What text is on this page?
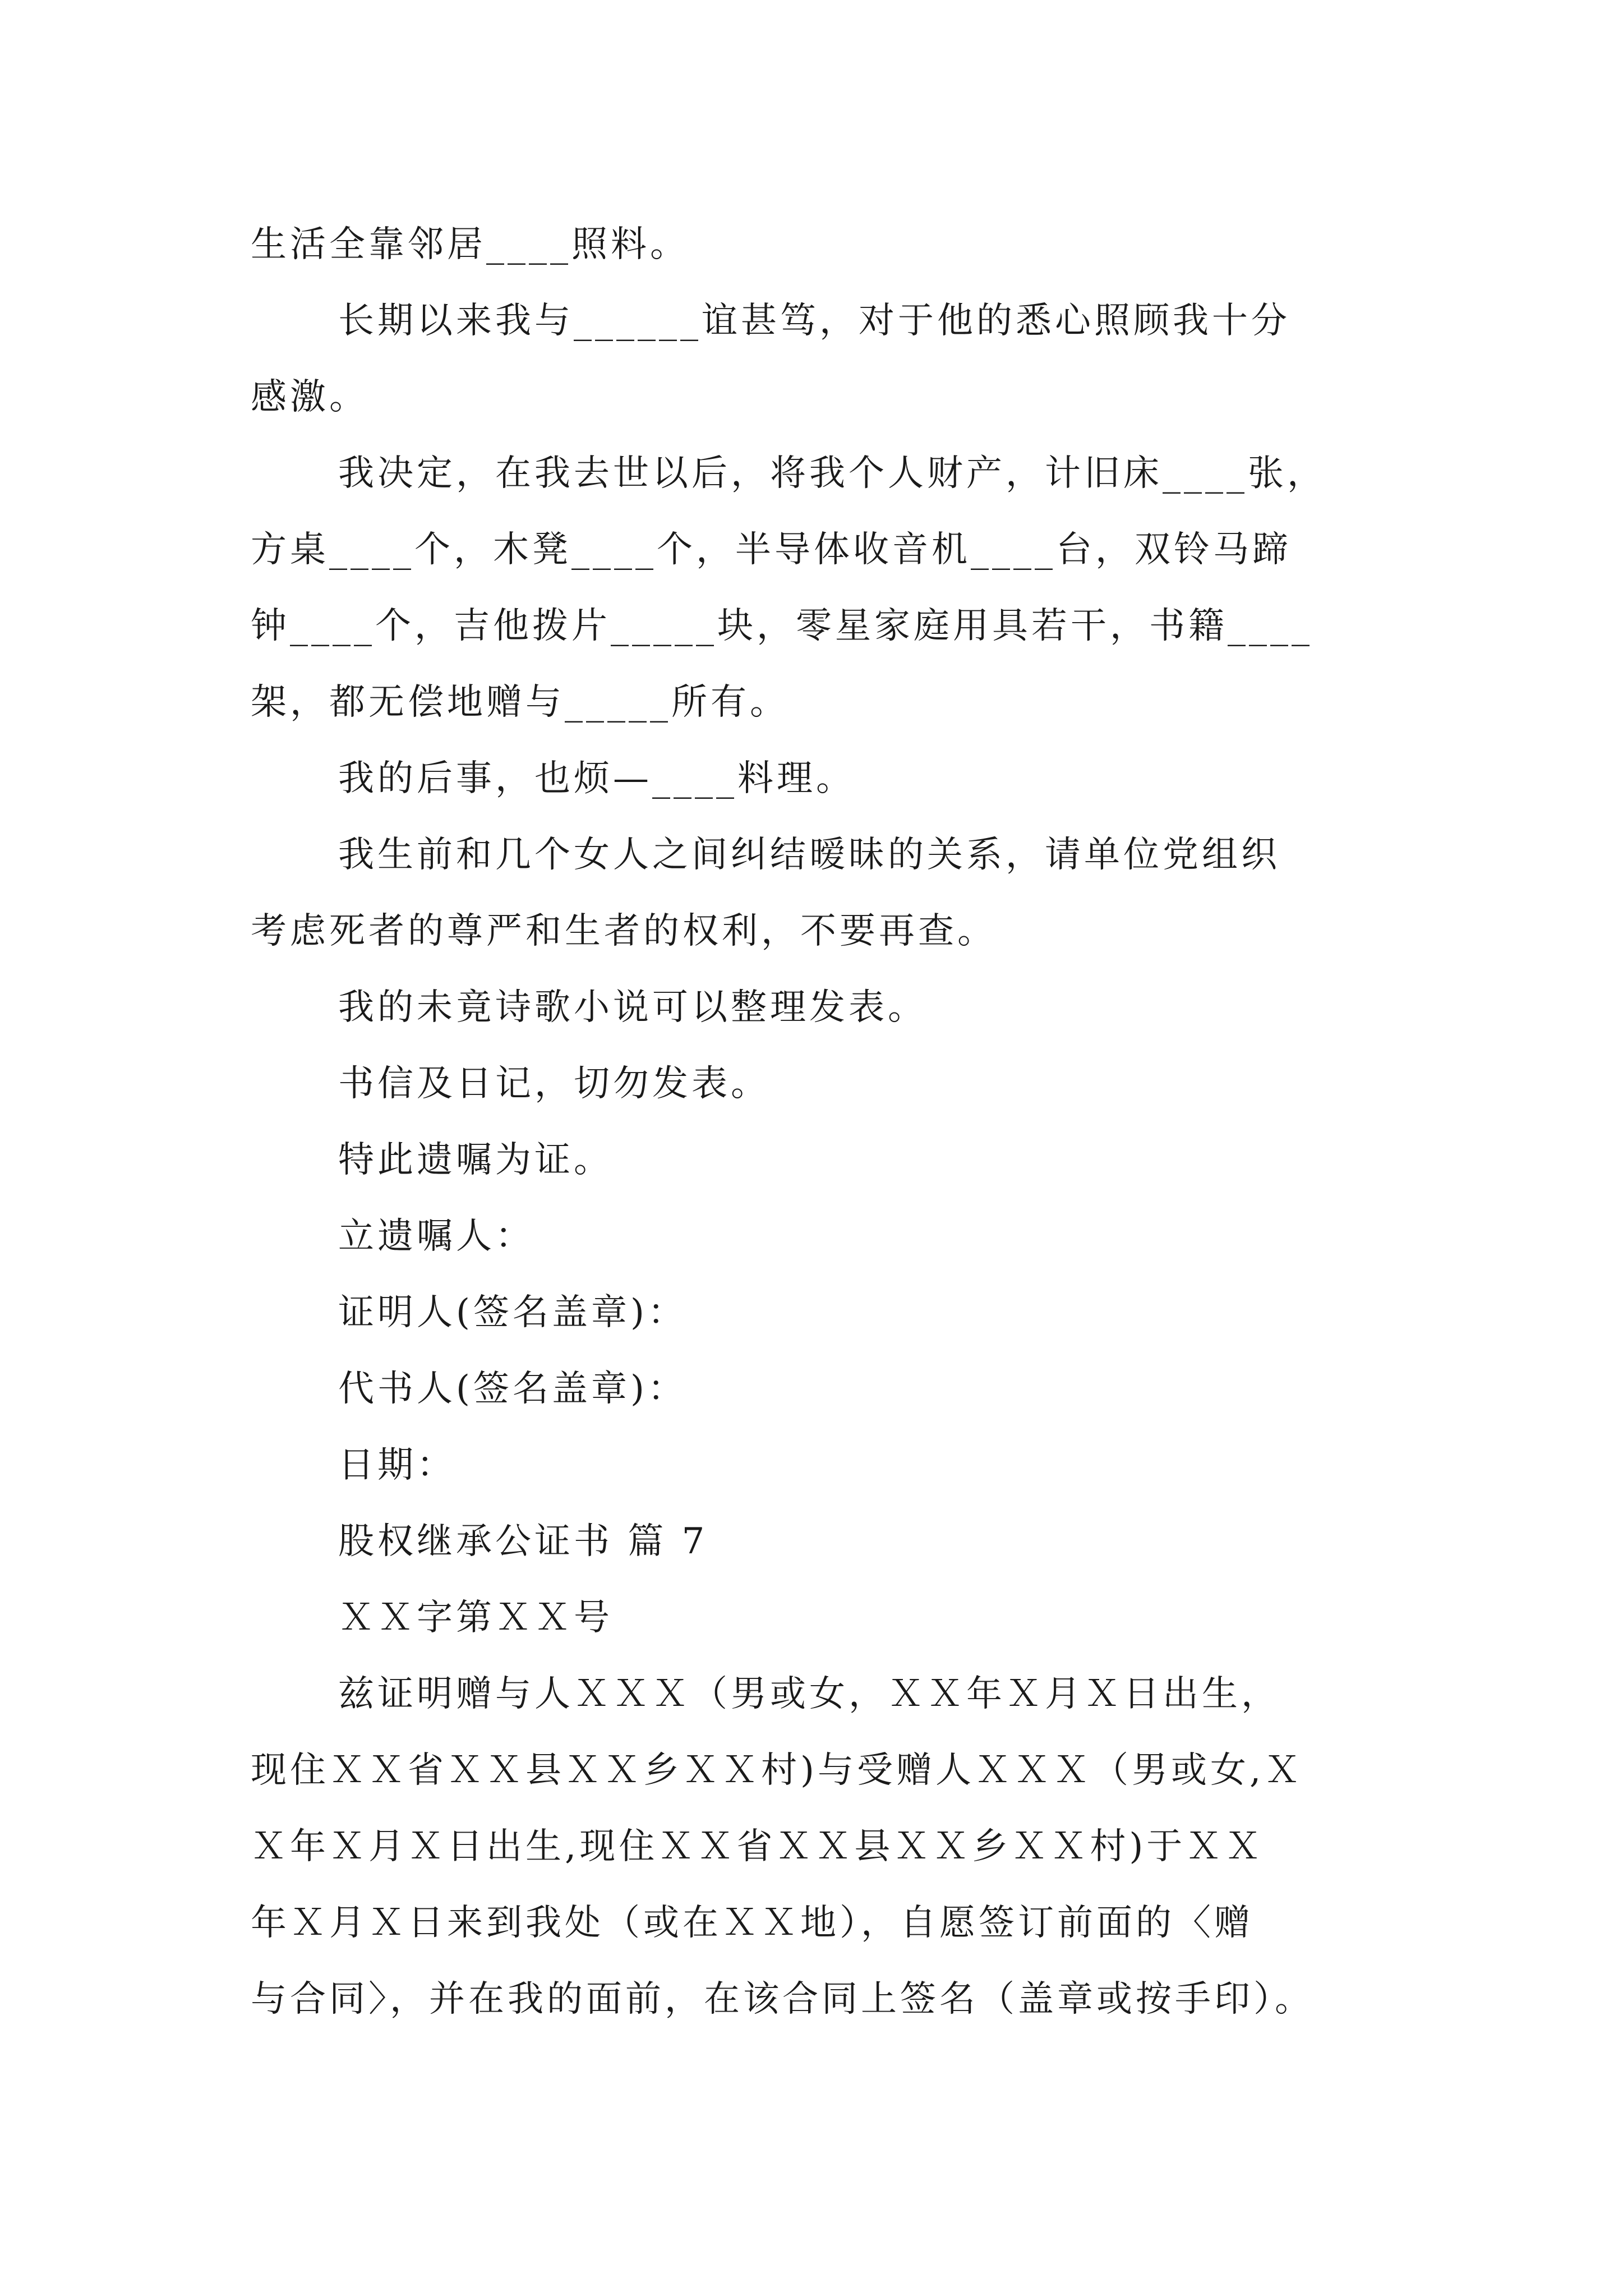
生活全靠邻居____照料。
长期以来我与______谊甚笃，对于他的悉心照顾我十分
感激。
我决定，在我去世以后，将我个人财产，计旧床____张，
方桌____个，木凳____个，半导体收音机____台，双铃马蹄
钟____个，吉他拨片_____块，零星家庭用具若干，书籍____
架，都无偿地赠与_____所有。
我的后事，也烦—____料理。
我生前和几个女人之间纠结暧昧的关系，请单位党组织
考虑死者的尊严和生者的权利，不要再查。
我的未竟诗歌小说可以整理发表。
书信及日记，切勿发表。
特此遗嘱为证。
立遗嘱人：
证明人(签名盖章)：
代书人(签名盖章)：
日期：
股权继承公证书 篇 7
ＸＸ字第ＸＸ号
兹证明赠与人ＸＸＸ（男或女，ＸＸ年Ｘ月Ｘ日出生，
现住ＸＸ省ＸＸ县ＸＸ乡ＸＸ村)与受赠人ＸＸＸ（男或女,Ｘ
Ｘ年Ｘ月Ｘ日出生,现住ＸＸ省ＸＸ县ＸＸ乡ＸＸ村)于ＸＸ
年Ｘ月Ｘ日来到我处（或在ＸＸ地），自愿签订前面的〈赠
与合同〉，并在我的面前，在该合同上签名（盖章或按手印）。
